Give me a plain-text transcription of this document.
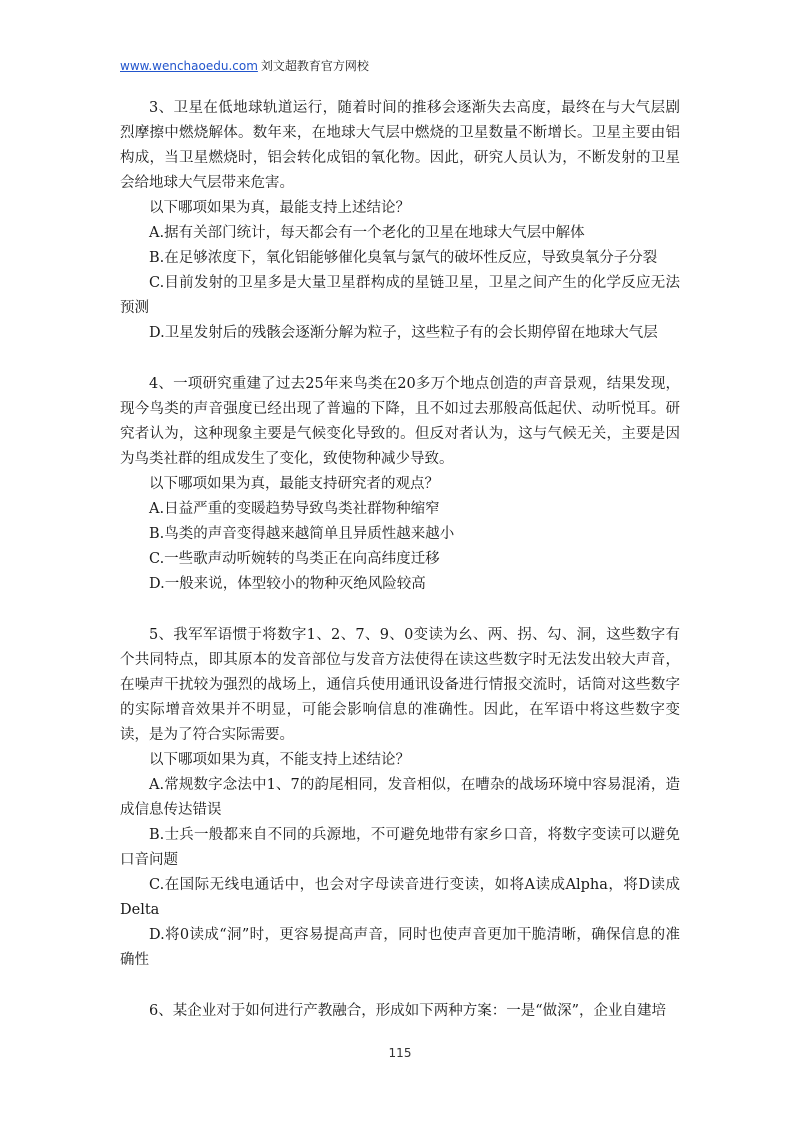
www.wenchaoedu.com 刘文超教育官方网校

3、卫星在低地球轨道运行，随着时间的推移会逐渐失去高度，最终在与大气层剧烈摩擦中燃烧解体。数年来，在地球大气层中燃烧的卫星数量不断增长。卫星主要由铝构成，当卫星燃烧时，铝会转化成铝的氧化物。因此，研究人员认为，不断发射的卫星会给地球大气层带来危害。

以下哪项如果为真，最能支持上述结论？

A.据有关部门统计，每天都会有一个老化的卫星在地球大气层中解体

B.在足够浓度下，氧化铝能够催化臭氧与氯气的破坏性反应，导致臭氧分子分裂

C.目前发射的卫星多是大量卫星群构成的星链卫星，卫星之间产生的化学反应无法预测

D.卫星发射后的残骸会逐渐分解为粒子，这些粒子有的会长期停留在地球大气层

4、一项研究重建了过去25年来鸟类在20多万个地点创造的声音景观，结果发现，现今鸟类的声音强度已经出现了普遍的下降，且不如过去那般高低起伏、动听悦耳。研究者认为，这种现象主要是气候变化导致的。但反对者认为，这与气候无关，主要是因为鸟类社群的组成发生了变化，致使物种减少导致。

以下哪项如果为真，最能支持研究者的观点？

A.日益严重的变暖趋势导致鸟类社群物种缩窄

B.鸟类的声音变得越来越简单且异质性越来越小

C.一些歌声动听婉转的鸟类正在向高纬度迁移

D.一般来说，体型较小的物种灭绝风险较高

5、我军军语惯于将数字1、2、7、9、0变读为幺、两、拐、勾、洞，这些数字有个共同特点，即其原本的发音部位与发音方法使得在读这些数字时无法发出较大声音，在噪声干扰较为强烈的战场上，通信兵使用通讯设备进行情报交流时，话筒对这些数字的实际增音效果并不明显，可能会影响信息的准确性。因此，在军语中将这些数字变读，是为了符合实际需要。

以下哪项如果为真，不能支持上述结论？

A.常规数字念法中1、7的韵尾相同，发音相似，在嘈杂的战场环境中容易混淆，造成信息传达错误

B.士兵一般都来自不同的兵源地，不可避免地带有家乡口音，将数字变读可以避免口音问题

C.在国际无线电通话中，也会对字母读音进行变读，如将A读成Alpha，将D读成Delta

D.将0读成“洞”时，更容易提高声音，同时也使声音更加干脆清晰，确保信息的准确性

6、某企业对于如何进行产教融合，形成如下两种方案：一是“做深”，企业自建培

115
